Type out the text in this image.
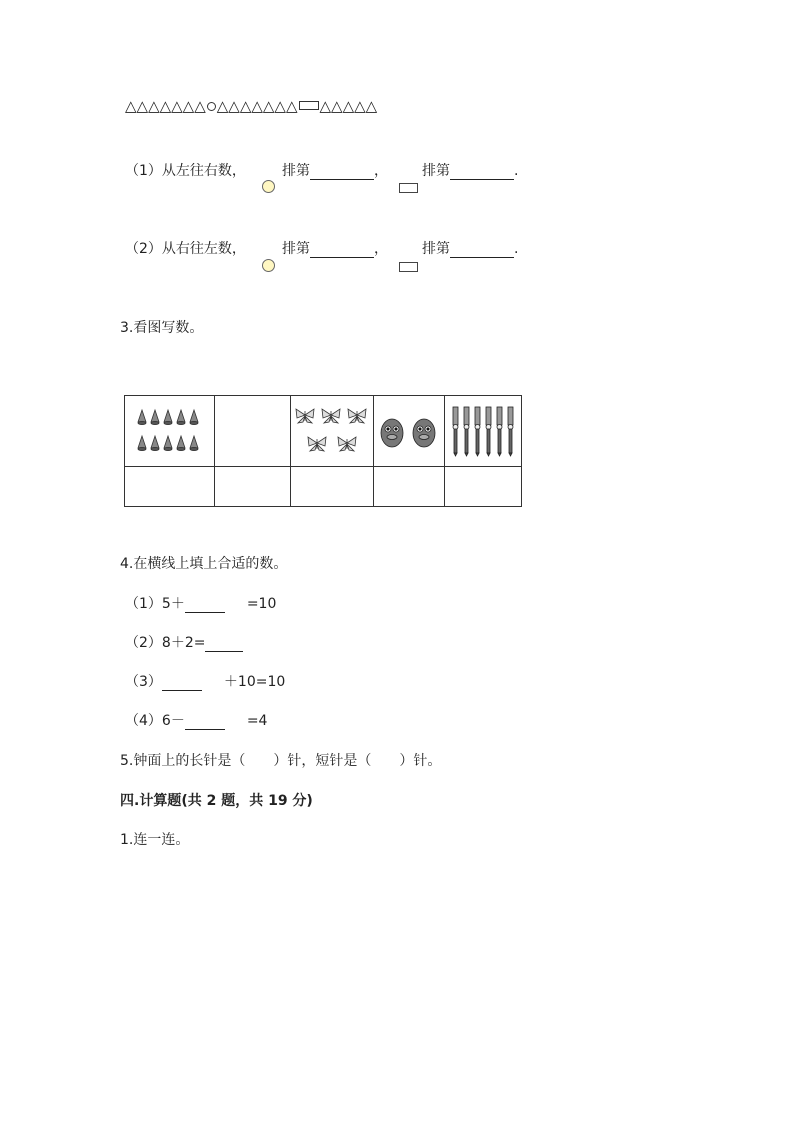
△△△△△△△ △△△△△△△ △△△△△
（1）从左往右数，	排第	， 排第	.
（2）从右往左数，	排第	， 排第	.
3.看图写数。

4.在横线上填上合适的数。
（1）5＋	=10
（2）8＋2=
（3）	＋10=10
（4）6－	=4
5.钟面上的长针是（　　）针，短针是（　　）针。
四.计算题(共 2 题，共 19 分)
1.连一连。
